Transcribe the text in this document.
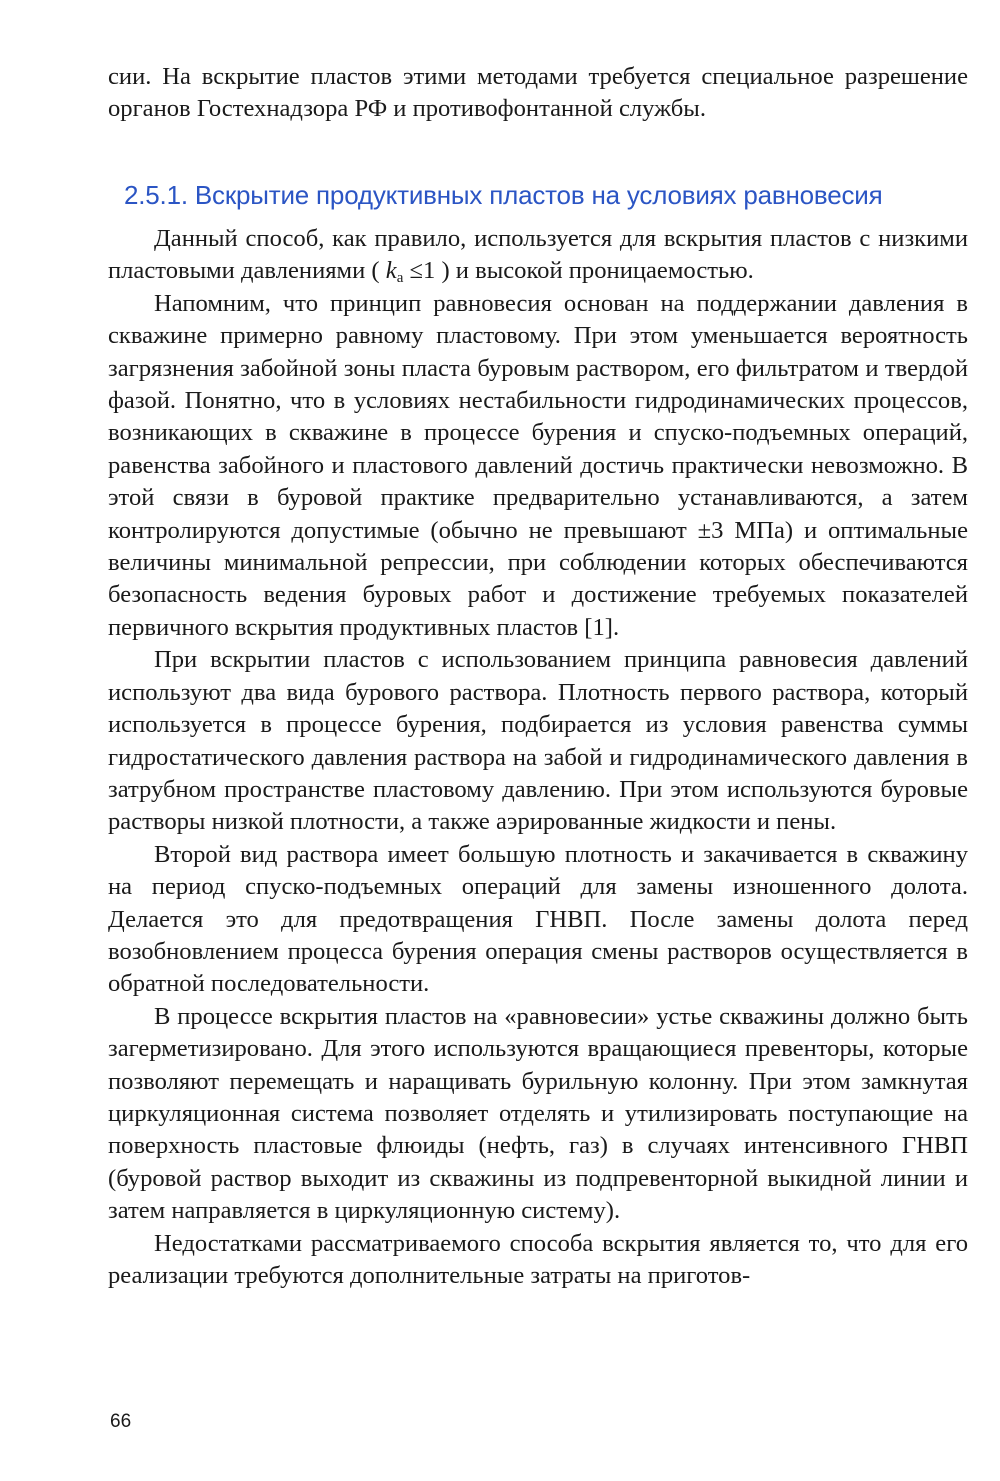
сии. На вскрытие пластов этими методами требуется специальное разрешение органов Гостехнадзора РФ и противофонтанной службы.

2.5.1. Вскрытие продуктивных пластов на условиях равновесия

Данный способ, как правило, используется для вскрытия пластов с низкими пластовыми давлениями ( $k_a \le 1$ ) и высокой проницаемостью.

Напомним, что принцип равновесия основан на поддержании давления в скважине примерно равному пластовому. При этом уменьшается вероятность загрязнения забойной зоны пласта буровым раствором, его фильтратом и твердой фазой. Понятно, что в условиях нестабильности гидродинамических процессов, возникающих в скважине в процессе бурения и спуско-подъемных операций, равенства забойного и пластового давлений достичь практически невозможно. В этой связи в буровой практике предварительно устанавливаются, а затем контролируются допустимые (обычно не превышают ±3 МПа) и оптимальные величины минимальной репрессии, при соблюдении которых обеспечиваются безопасность ведения буровых работ и достижение требуемых показателей первичного вскрытия продуктивных пластов [1].

При вскрытии пластов с использованием принципа равновесия давлений используют два вида бурового раствора. Плотность первого раствора, который используется в процессе бурения, подбирается из условия равенства суммы гидростатического давления раствора на забой и гидродинамического давления в затрубном пространстве пластовому давлению. При этом используются буровые растворы низкой плотности, а также аэрированные жидкости и пены.

Второй вид раствора имеет большую плотность и закачивается в скважину на период спуско-подъемных операций для замены изношенного долота. Делается это для предотвращения ГНВП. После замены долота перед возобновлением процесса бурения операция смены растворов осуществляется в обратной последовательности.

В процессе вскрытия пластов на «равновесии» устье скважины должно быть загерметизировано. Для этого используются вращающиеся превенторы, которые позволяют перемещать и наращивать бурильную колонну. При этом замкнутая циркуляционная система позволяет отделять и утилизировать поступающие на поверхность пластовые флюиды (нефть, газ) в случаях интенсивного ГНВП (буровой раствор выходит из скважины из подпревенторной выкидной линии и затем направляется в циркуляционную систему).

Недостатками рассматриваемого способа вскрытия является то, что для его реализации требуются дополнительные затраты на приготов-

66
